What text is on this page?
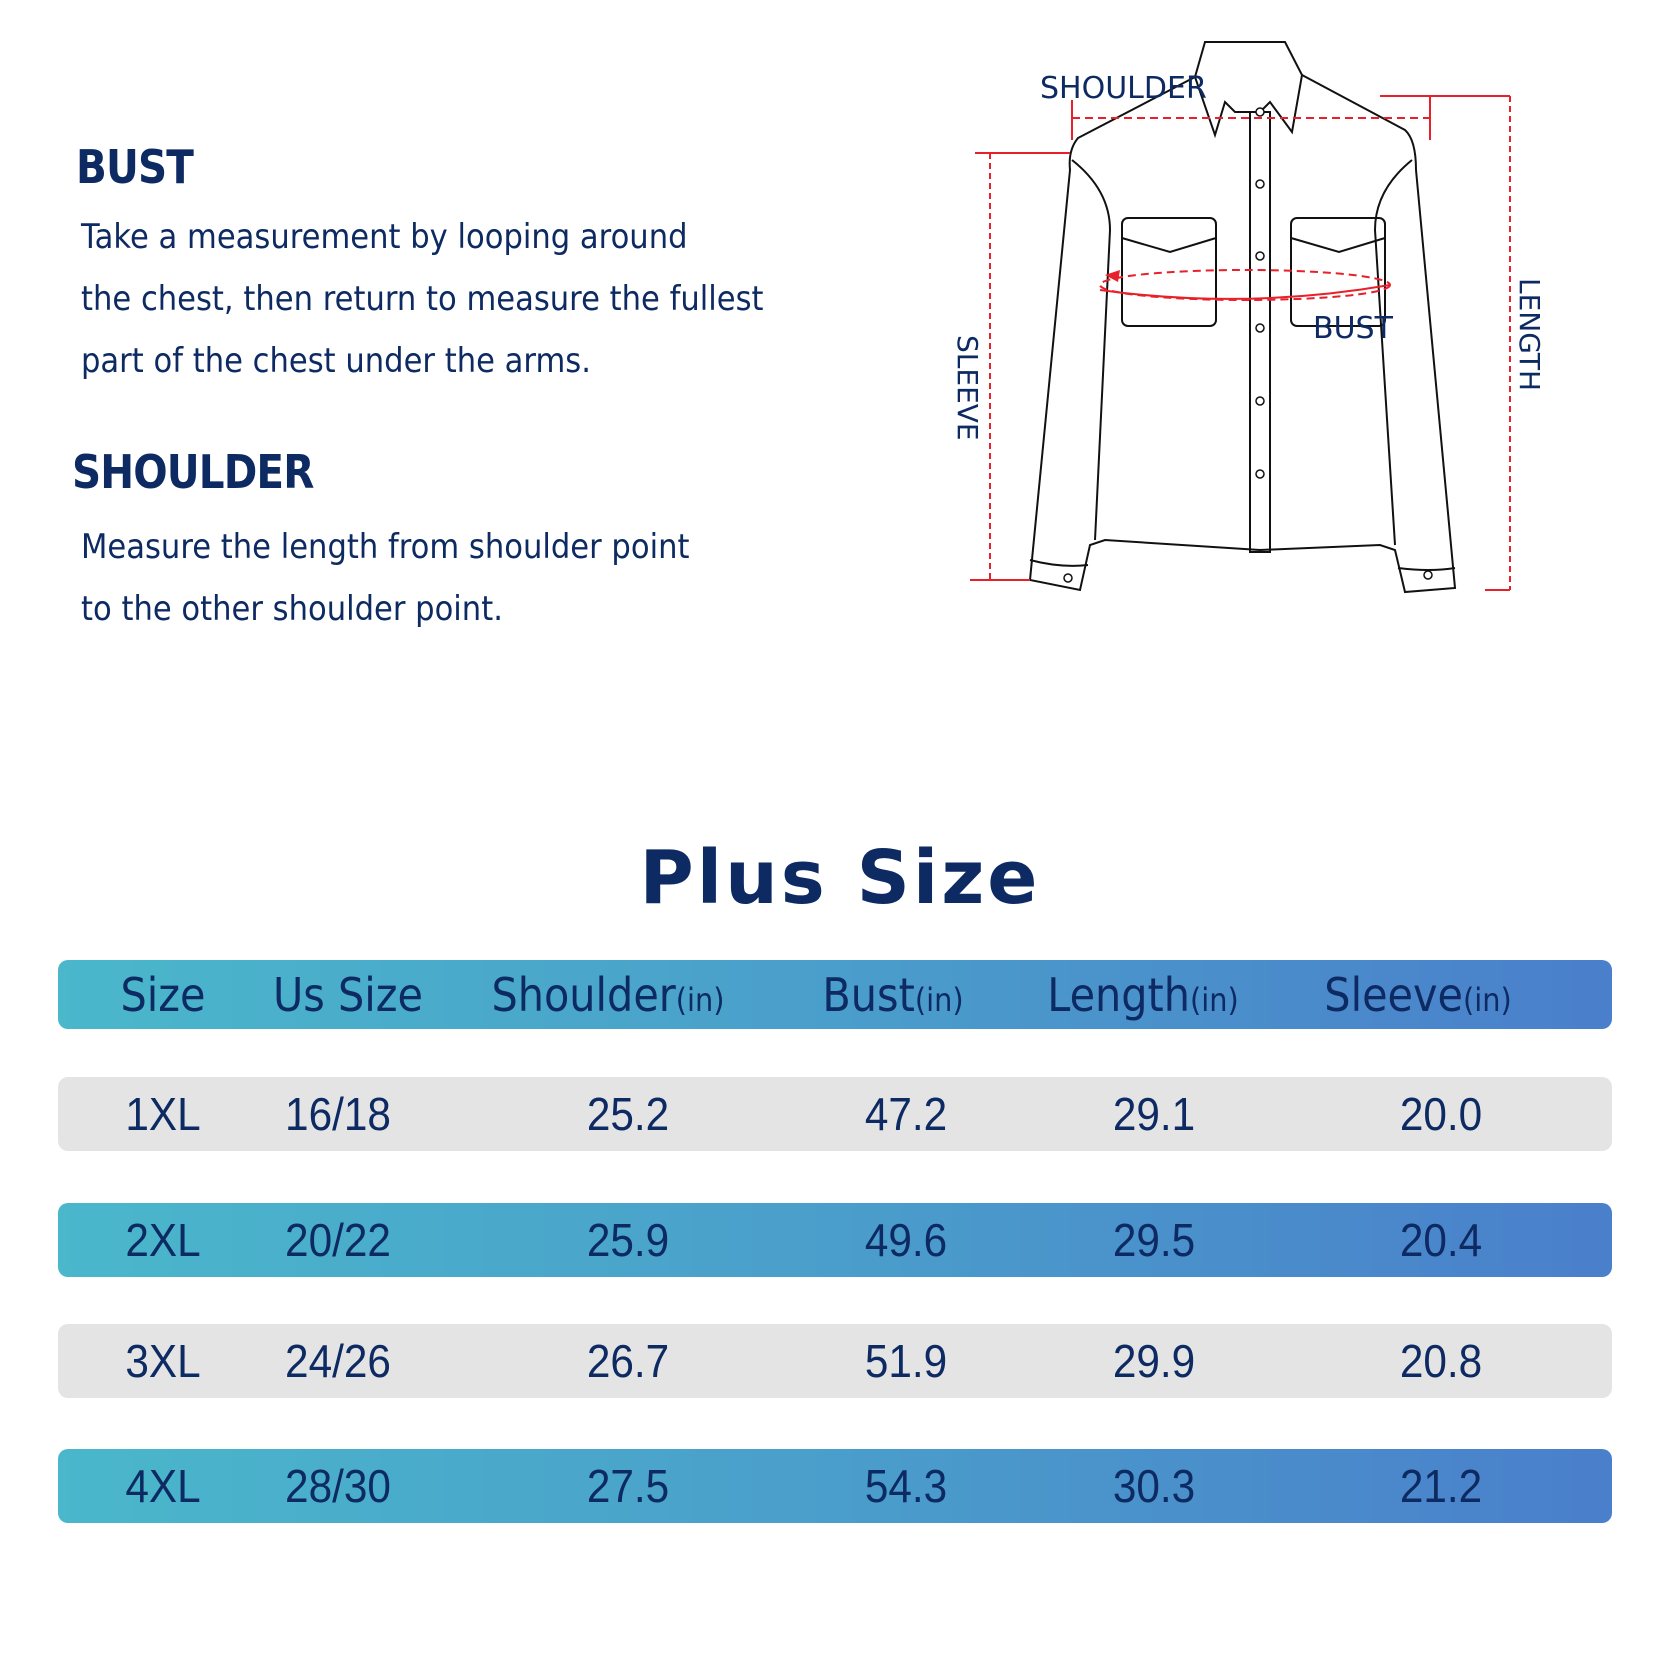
BUST
Take a measurement by looping around
the chest, then return to measure the fullest
part of the chest under the arms.
SHOULDER
Measure the length from shoulder point
to the other shoulder point.
SHOULDER
BUST
SLEEVE	LENGTH
Plus Size
Size	Us Size	Shoulder(in)	Bust(in)	Length(in)	Sleeve(in)
1XL	16/18	25.2	47.2	29.1	20.0
2XL	20/22	25.9	49.6	29.5	20.4
3XL	24/26	26.7	51.9	29.9	20.8
4XL	28/30	27.5	54.3	30.3	21.2
